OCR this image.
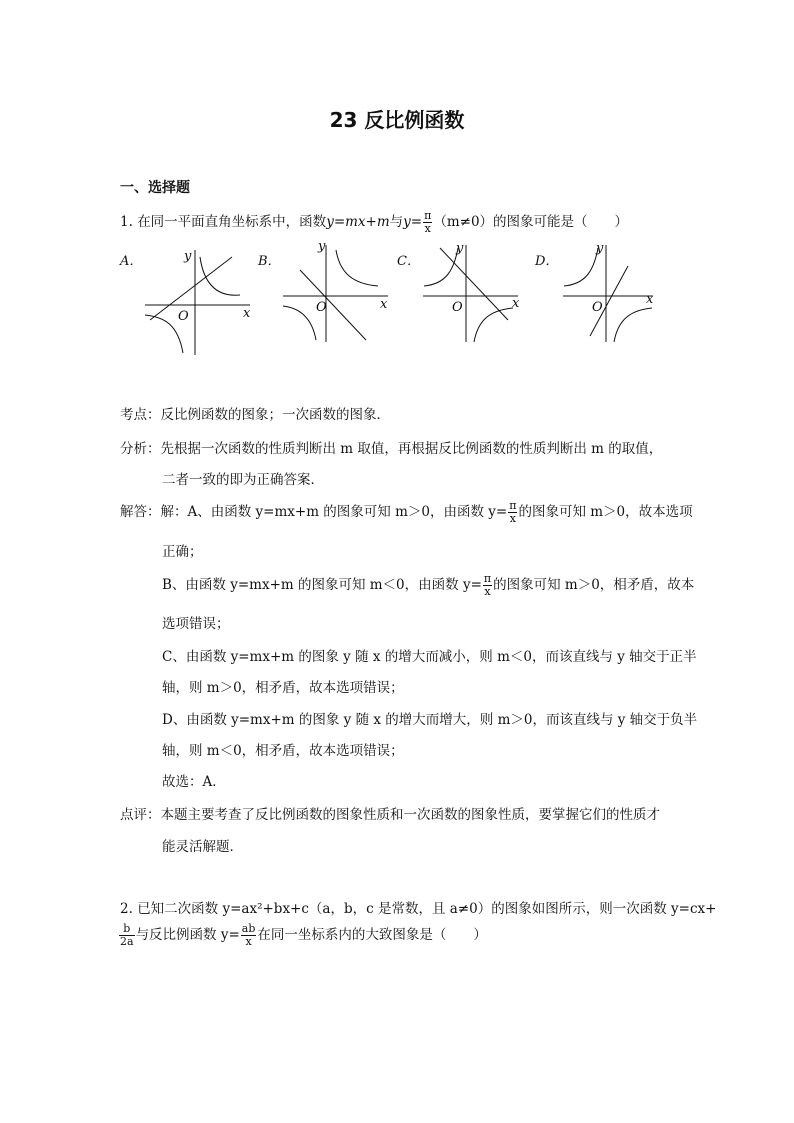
23 反比例函数
一、选择题
1. 在同一平面直角坐标系中，函数y=mx+m与$y= \frac{\pi}{x} (m\ne 0)$的图象可能是（　　）
A．	B．	C．	D．
x
y
O
x
y
O	x
y
O
x
y
O
考点：反比例函数的图象；一次函数的图象．
分析：先根据一次函数的性质判断出 m 取值，再根据反比例函数的性质判断出 m 的取值，
二者一致的即为正确答案．
解答：解：A、由函数 y=mx+m 的图象可知 m＞0，由函数 $y= \frac{\pi}{x}$ 的图象可知 m＞0，故本选项
正确；
B、由函数 y=mx+m 的图象可知 m＜0，由函数 $y= \frac{\pi}{x}$ 的图象可知 m＞0，相矛盾，故本
选项错误；
C、由函数 y=mx+m 的图象 y 随 x 的增大而减小，则 m＜0，而该直线与 y 轴交于正半
轴，则 m＞0，相矛盾，故本选项错误；
D、由函数 y=mx+m 的图象 y 随 x 的增大而增大，则 m＞0，而该直线与 y 轴交于负半
轴，则 m＜0，相矛盾，故本选项错误；
故选：A．
点评：本题主要考查了反比例函数的图象性质和一次函数的图象性质，要掌握它们的性质才
能灵活解题．
2. 已知二次函数 y=ax²+bx+c（a，b，c 是常数，且 a≠0）的图象如图所示，则一次函数 y=cx+
$\frac{b}{2a}$ 与反比例函数 $y= \frac{ab}{x}$ 在同一坐标系内的大致图象是（　　）
